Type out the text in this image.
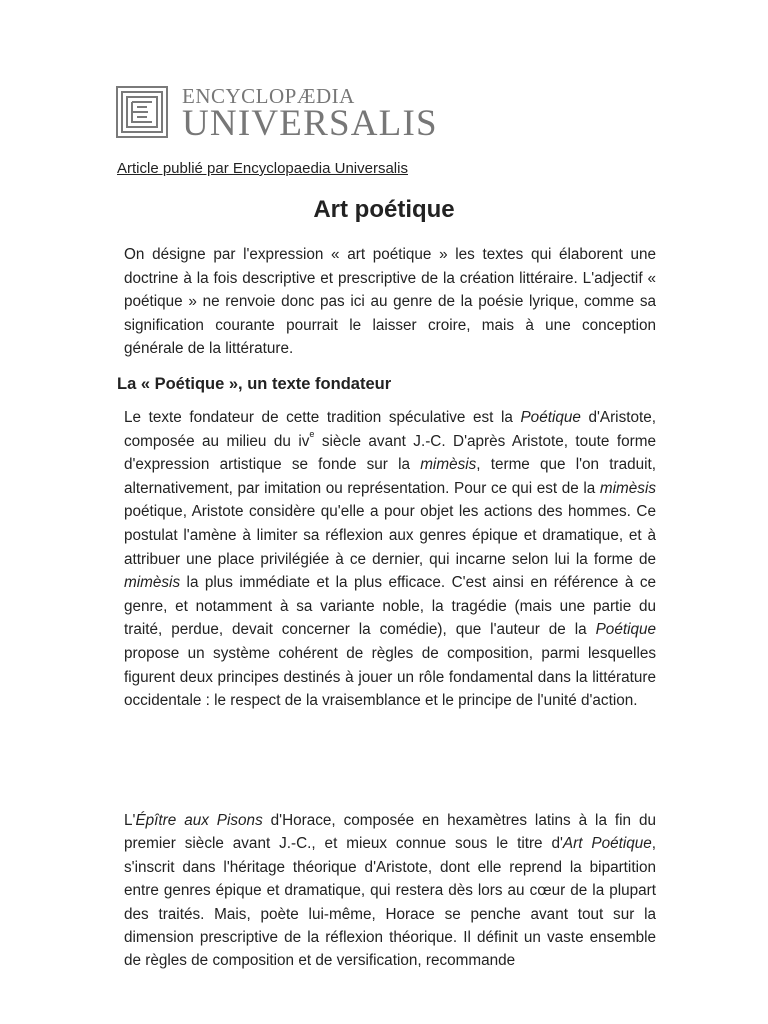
ENCYCLOPÆDIA
UNIVERSALIS
Article publié par Encyclopaedia Universalis
Art poétique

On désigne par l'expression « art poétique » les textes qui élaborent une doctrine à la fois descriptive et prescriptive de la création littéraire. L'adjectif « poétique » ne renvoie donc pas ici au genre de la poésie lyrique, comme sa signification courante pourrait le laisser croire, mais à une conception générale de la littérature.

La « Poétique », un texte fondateur

Le texte fondateur de cette tradition spéculative est la Poétique d'Aristote, composée au milieu du $iv^e$ siècle avant J.-C. D'après Aristote, toute forme d'expression artistique se fonde sur la mimèsis, terme que l'on traduit, alternativement, par imitation ou représentation. Pour ce qui est de la mimèsis poétique, Aristote considère qu'elle a pour objet les actions des hommes. Ce postulat l'amène à limiter sa réflexion aux genres épique et dramatique, et à attribuer une place privilégiée à ce dernier, qui incarne selon lui la forme de mimèsis la plus immédiate et la plus efficace. C'est ainsi en référence à ce genre, et notamment à sa variante noble, la tragédie (mais une partie du traité, perdue, devait concerner la comédie), que l'auteur de la Poétique propose un système cohérent de règles de composition, parmi lesquelles figurent deux principes destinés à jouer un rôle fondamental dans la littérature occidentale : le respect de la vraisemblance et le principe de l'unité d'action.

L'Épître aux Pisons d'Horace, composée en hexamètres latins à la fin du premier siècle avant J.-C., et mieux connue sous le titre d'Art Poétique, s'inscrit dans l'héritage théorique d'Aristote, dont elle reprend la bipartition entre genres épique et dramatique, qui restera dès lors au cœur de la plupart des traités. Mais, poète lui-même, Horace se penche avant tout sur la dimension prescriptive de la réflexion théorique. Il définit un vaste ensemble de règles de composition et de versification, recommande
